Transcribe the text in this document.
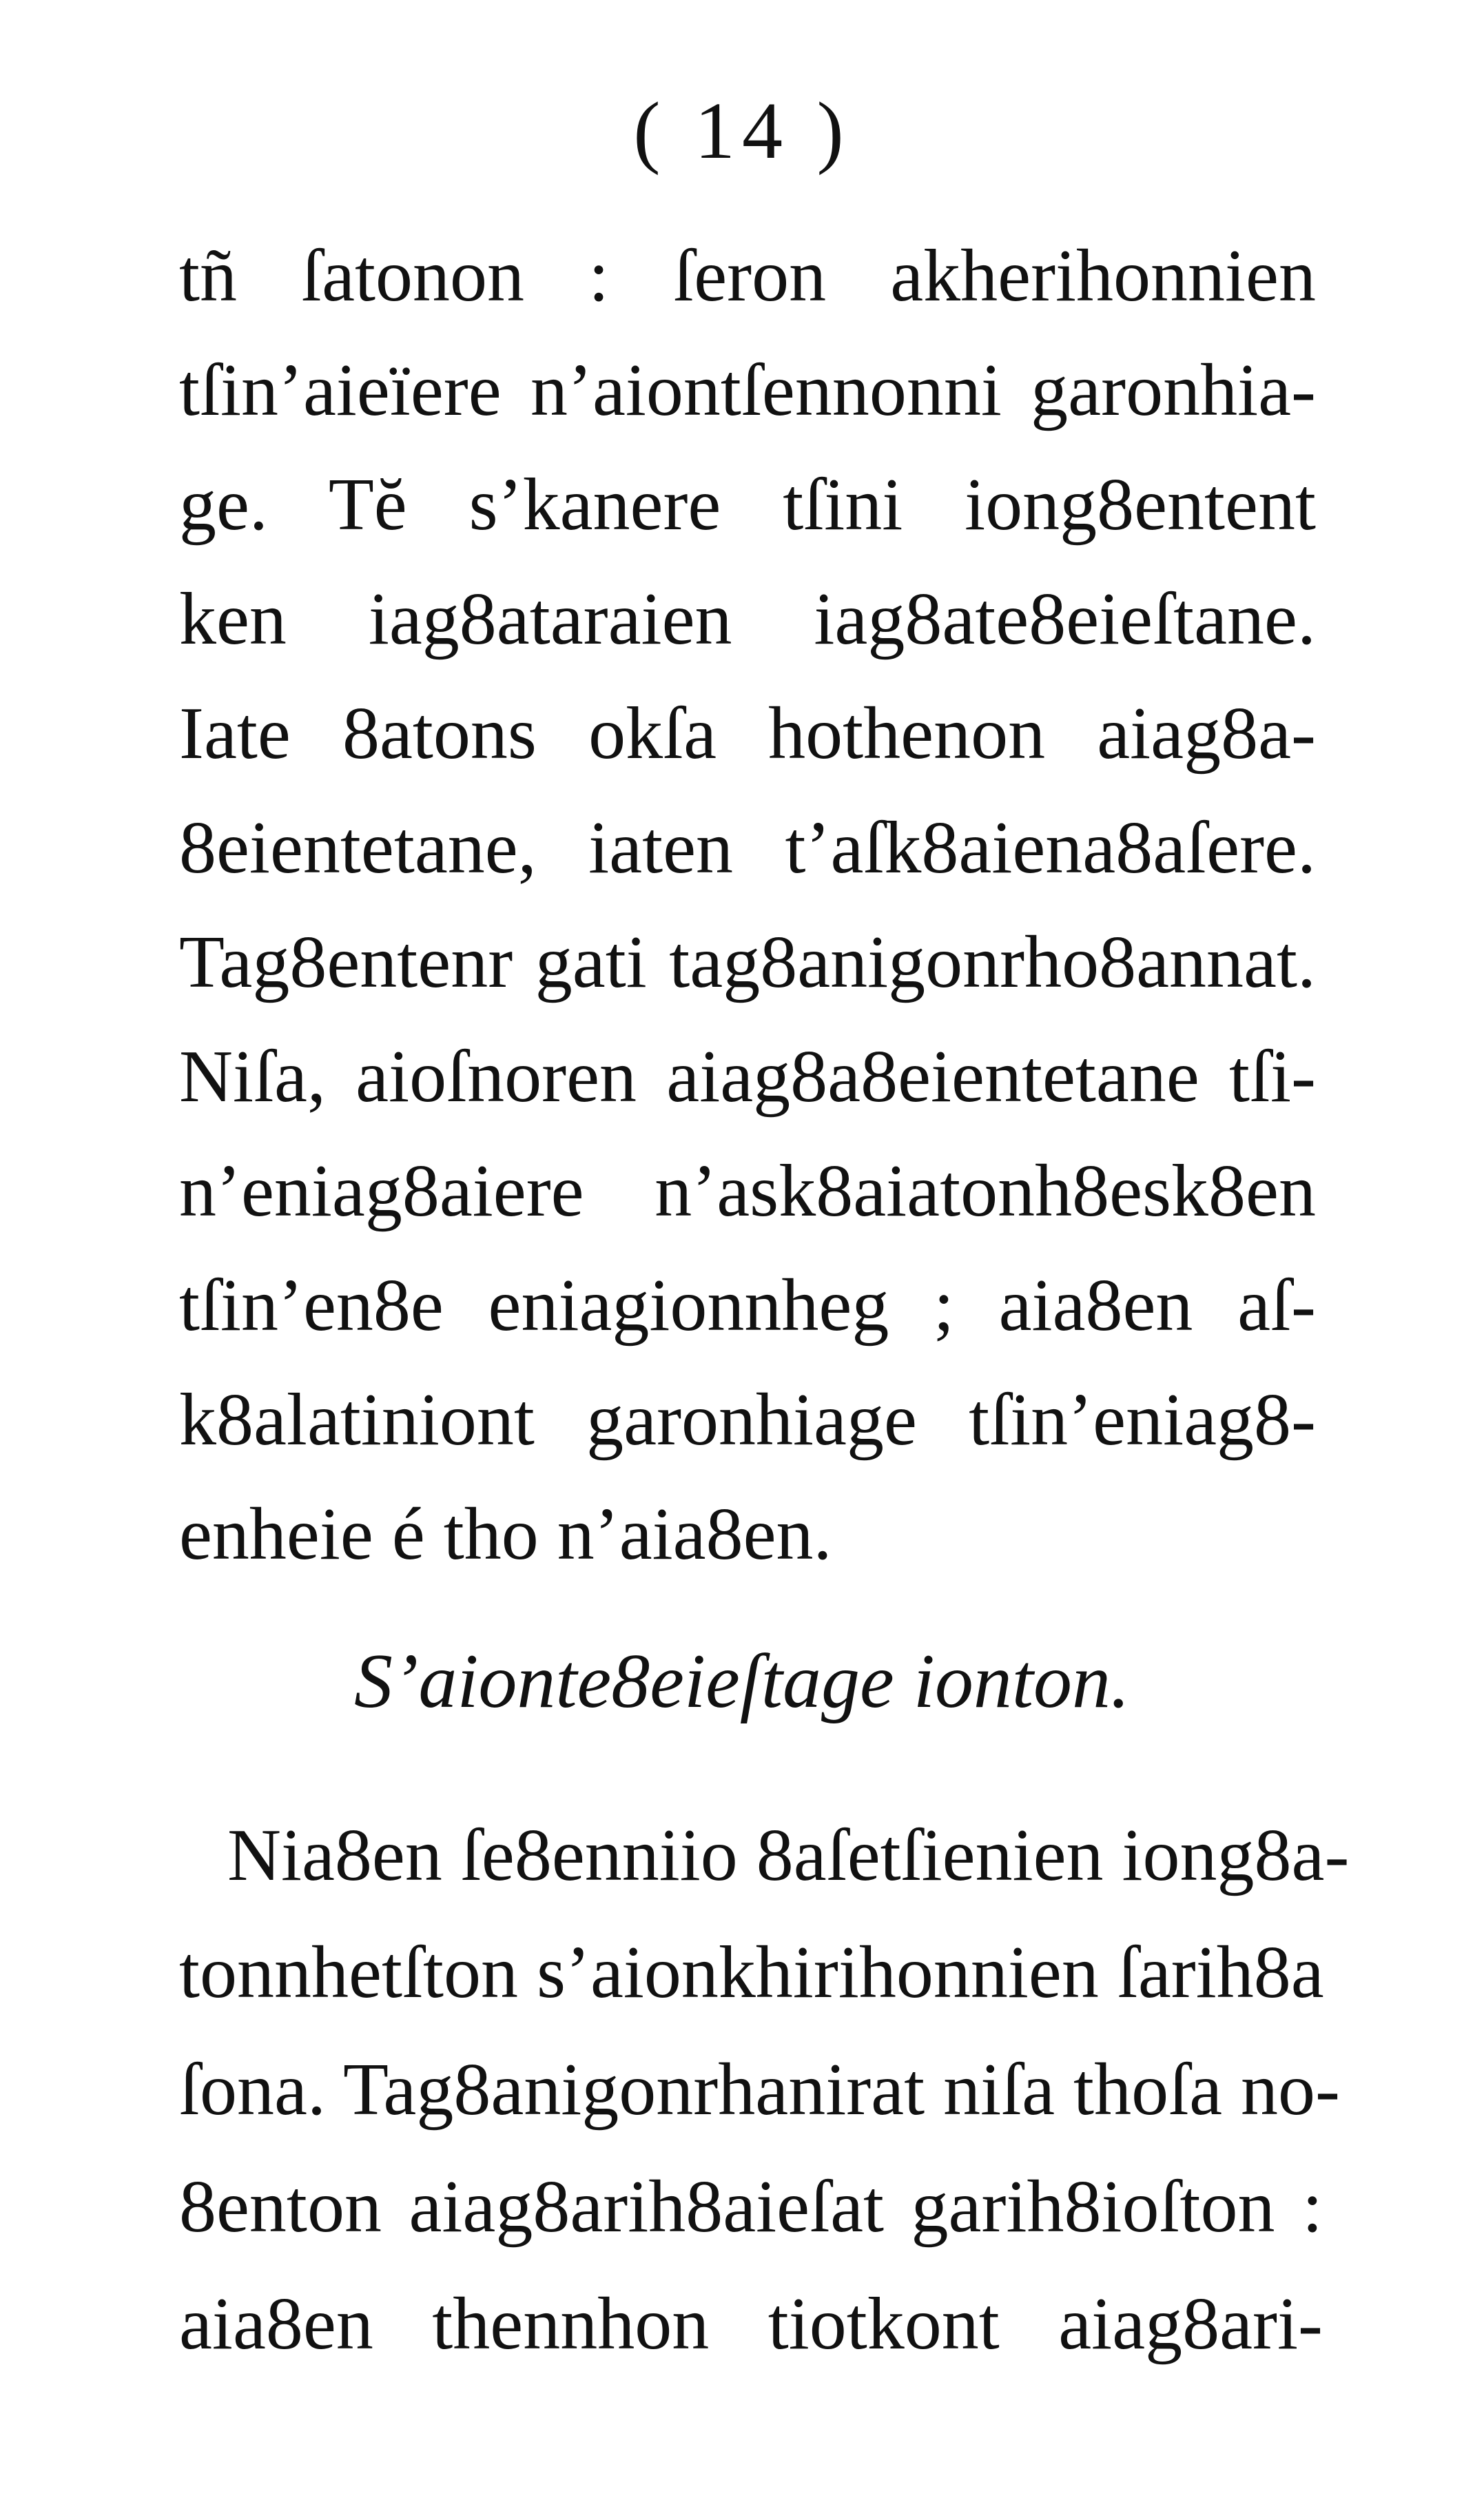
( 14 )
tñ ſatonon : ſeron akherihonnien
tſin’aieïere n’aiontſennonni garonhia-
ge. Tĕ s’kanere tſini iong8entent
ken iag8ataraien iag8ate8eieſtane.
Iate 8atons okſa hothenon aiag8a-
8eientetane, iaten t’aſk8aiena8aſere.
Tag8entenr gati tag8anigonrho8annat.
Niſa, aioſnoren aiag8a8eientetane tſi-
n’eniag8aiere n’ask8aiatonh8esk8en
tſin’en8e eniagionnheg ; aia8en aſ-
k8alatiniont garonhiage tſin’eniag8-
enheie é tho n’aia8en.
S’aionte8eieſtage ionton.
Nia8en ſe8enniio 8aſetſienien iong8a-
tonnhetſton s’aionkhirihonnien ſarih8a
ſona. Tag8anigonrhanirat niſa thoſa no-
8enton aiag8arih8aieſat garih8ioſton :
aia8en thennhon tiotkont aiag8ari-
